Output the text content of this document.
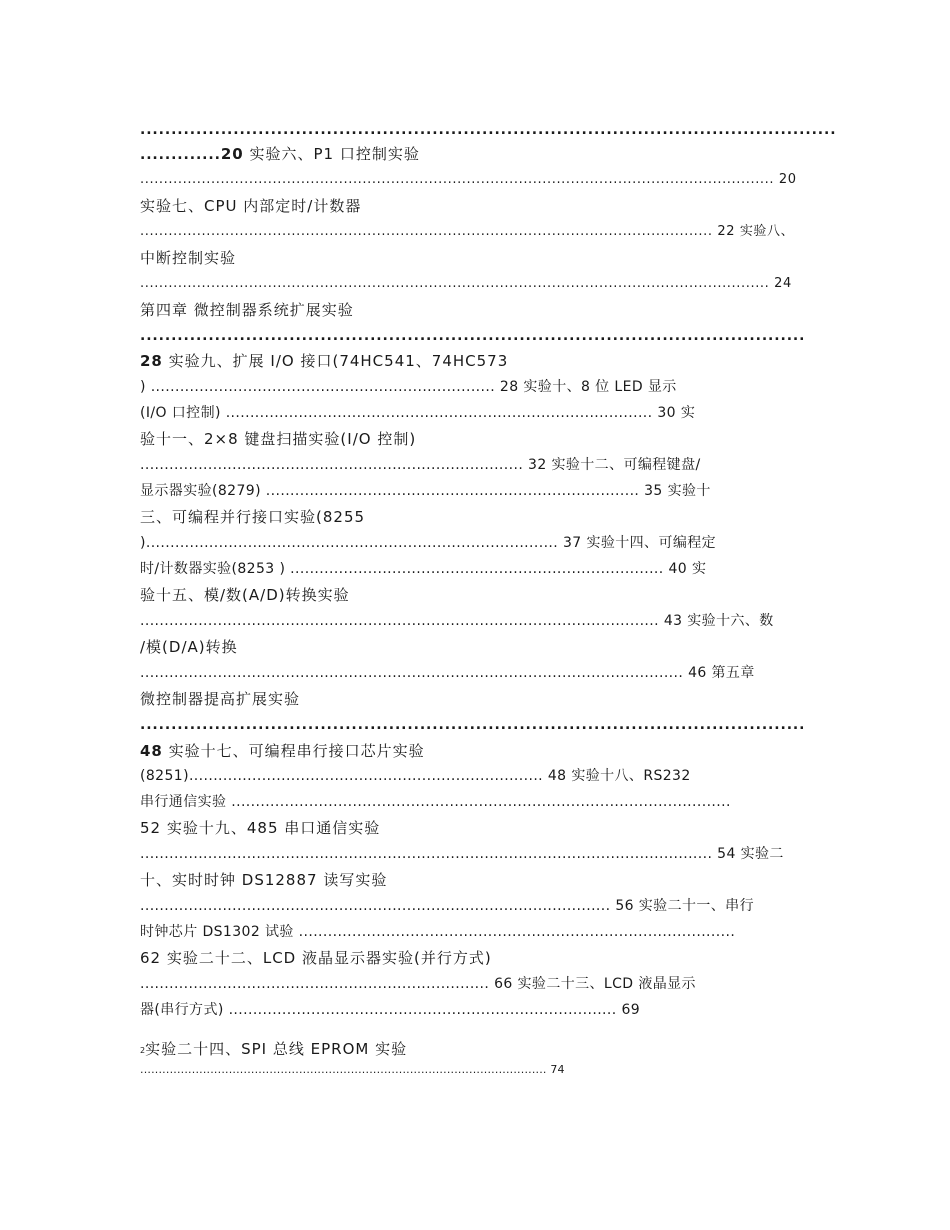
................................................................................................................
.............20 实验六、P1 口控制实验
...................................................................................................................................... 20
实验七、CPU 内部定时/计数器
......................................................................................................................... 22 实验八、
中断控制实验
..................................................................................................................................... 24
第四章 微控制器系统扩展实验
...........................................................................................................
28 实验九、扩展 I/O 接口(74HC541、74HC573
) ....................................................................... 28 实验十、8 位 LED 显示
(I/O 口控制) ........................................................................................ 30 实
验十一、2×8 键盘扫描实验(I/O 控制)
............................................................................... 32 实验十二、可编程键盘/
显示器实验(8279) ............................................................................. 35 实验十
三、可编程并行接口实验(8255
)..................................................................................... 37 实验十四、可编程定
时/计数器实验(8253 ) ............................................................................. 40 实
验十五、模/数(A/D)转换实验
........................................................................................................... 43 实验十六、数
/模(D/A)转换
................................................................................................................ 46 第五章
微控制器提高扩展实验
...........................................................................................................
48 实验十七、可编程串行接口芯片实验
(8251)......................................................................... 48 实验十八、RS232
串行通信实验 .......................................................................................................
52 实验十九、485 串口通信实验
...................................................................................................................... 54 实验二
十、实时时钟 DS12887 读写实验
................................................................................................. 56 实验二十一、串行
时钟芯片 DS1302 试验 ..........................................................................................
62 实验二十二、LCD 液晶显示器实验(并行方式)
........................................................................ 66 实验二十三、LCD 液晶显示
器(串行方式) ................................................................................ 69
2实验二十四、SPI 总线 EPROM 实验
.............................................................................................................. 74
